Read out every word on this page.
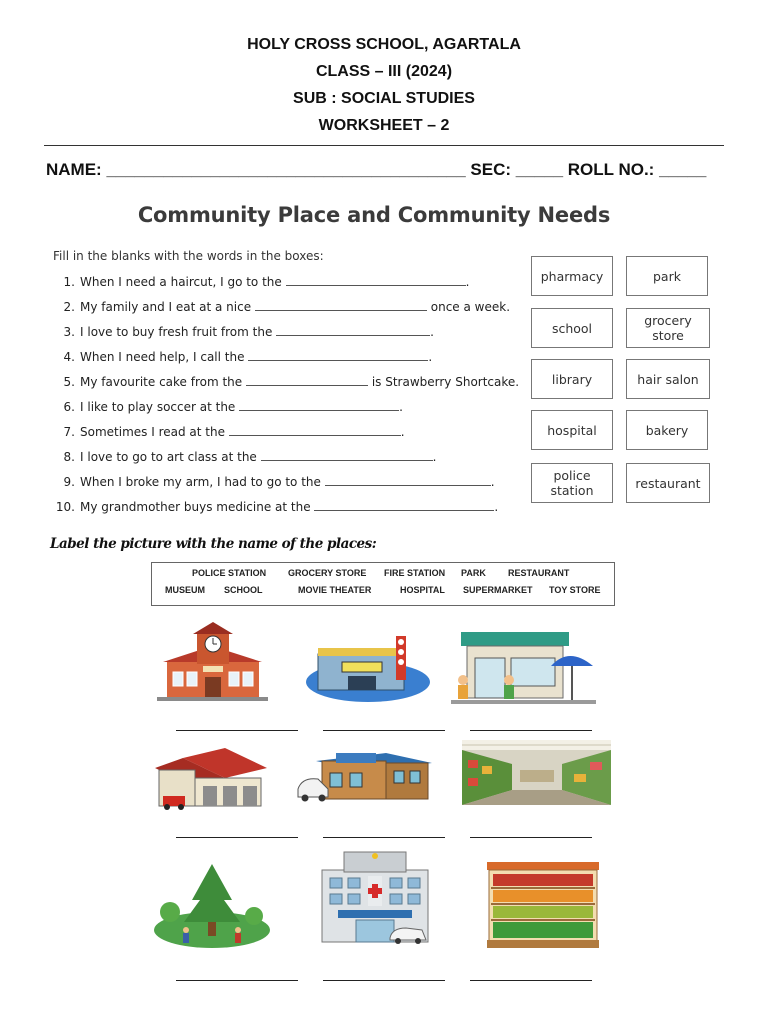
HOLY CROSS SCHOOL, AGARTALA
CLASS – III (2024)
SUB : SOCIAL STUDIES
WORKSHEET – 2
NAME: ______________________________________ SEC: _____ ROLL NO.: _____
Community Place and Community Needs
Fill in the blanks with the words in the boxes:
1. When I need a haircut, I go to the	.
2. My family and I eat at a nice	once a week.
3. I love to buy fresh fruit from the	.
4. When I need help, I call the	.
5. My favourite cake from the	is Strawberry Shortcake.
6. I like to play soccer at the	.
7. Sometimes I read at the	.
8. I love to go to art class at the	.
9. When I broke my arm, I had to go to the	.
10. My grandmother buys medicine at the	.
pharmacy	park
school	grocery store
library	hair salon
hospital	bakery
police station	restaurant
Label the picture with the name of the places:
POLICE STATION GROCERY STORE FIRE STATION PARK RESTAURANT
MUSEUM SCHOOL	MOVIE THEATER	HOSPITAL SUPERMARKET TOY STORE
